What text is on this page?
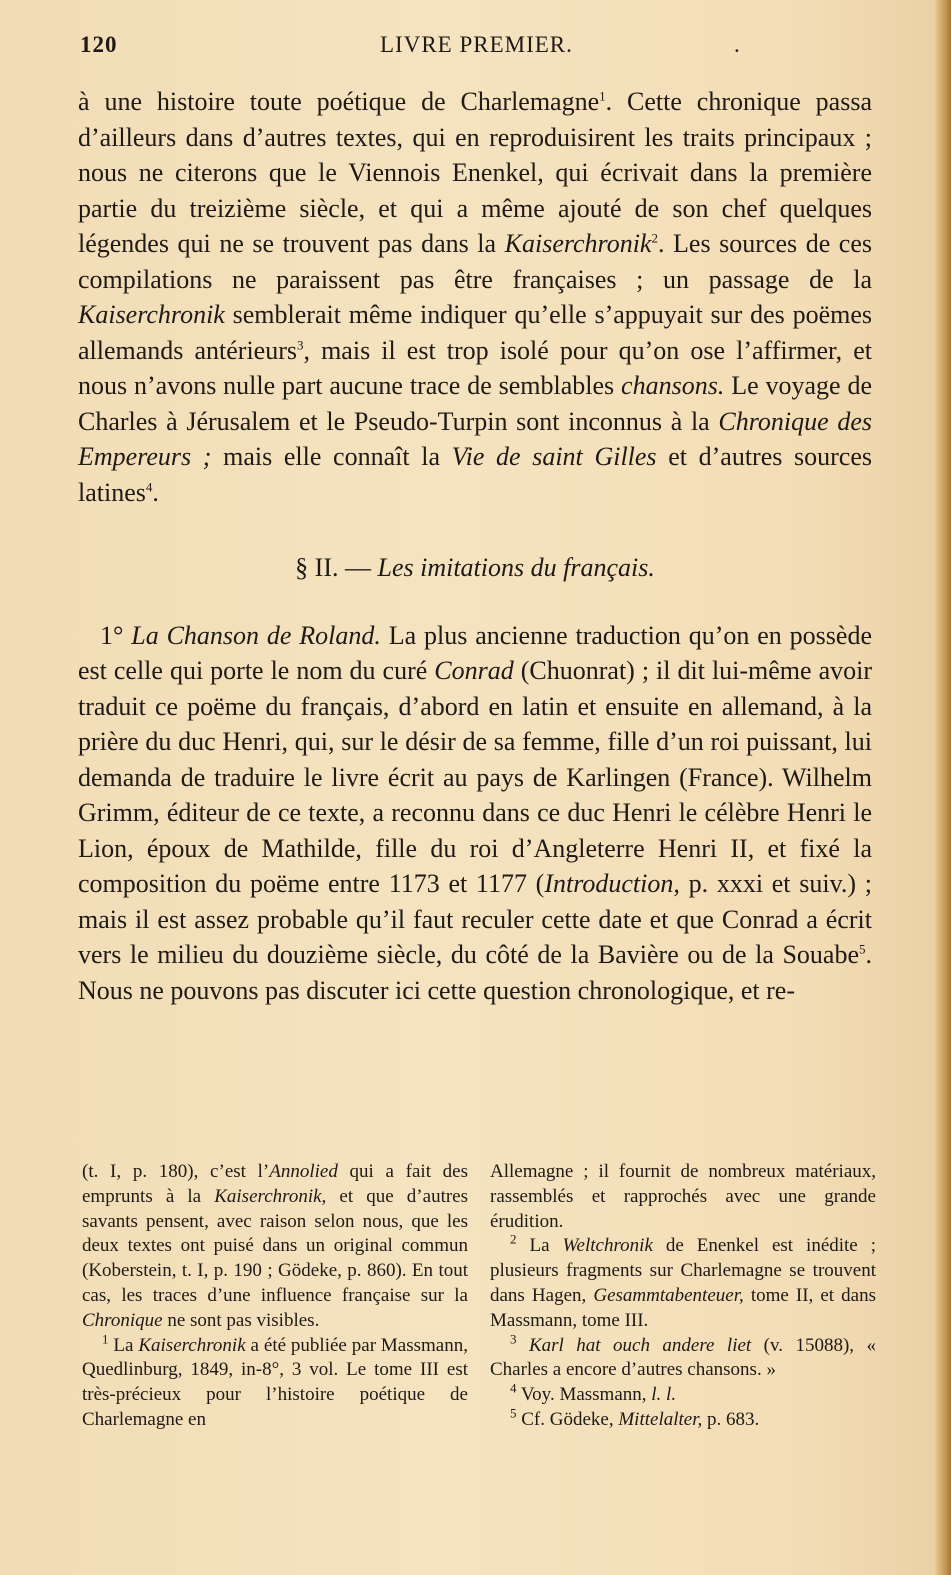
120	LIVRE PREMIER.	.

à une histoire toute poétique de Charlemagne$^1$. Cette chronique passa d’ailleurs dans d’autres textes, qui en reproduisirent les traits principaux ; nous ne citerons que le Viennois Enenkel, qui écrivait dans la première partie du treizième siècle, et qui a même ajouté de son chef quelques légendes qui ne se trouvent pas dans la Kaiserchronik$^2$. Les sources de ces compilations ne paraissent pas être françaises ; un passage de la Kaiserchronik semblerait même indiquer qu’elle s’appuyait sur des poëmes allemands antérieurs$^3$, mais il est trop isolé pour qu’on ose l’affirmer, et nous n’avons nulle part aucune trace de semblables chansons. Le voyage de Charles à Jérusalem et le Pseudo-Turpin sont inconnus à la Chronique des Empereurs ; mais elle connaît la Vie de saint Gilles et d’autres sources latines$^4$.

§ II. — Les imitations du français.

1° La Chanson de Roland. La plus ancienne traduction qu’on en possède est celle qui porte le nom du curé Conrad (Chuonrat) ; il dit lui-même avoir traduit ce poëme du français, d’abord en latin et ensuite en allemand, à la prière du duc Henri, qui, sur le désir de sa femme, fille d’un roi puissant, lui demanda de traduire le livre écrit au pays de Karlingen (France). Wilhelm Grimm, éditeur de ce texte, a reconnu dans ce duc Henri le célèbre Henri le Lion, époux de Mathilde, fille du roi d’Angleterre Henri II, et fixé la composition du poëme entre 1173 et 1177 (Introduction, p. xxxi et suiv.) ; mais il est assez probable qu’il faut reculer cette date et que Conrad a écrit vers le milieu du douzième siècle, du côté de la Bavière ou de la Souabe$^5$. Nous ne pouvons pas discuter ici cette question chronologique, et re-

(t. I, p. 180), c’est l’Annolied qui a fait des emprunts à la Kaiserchronik, et que d’autres savants pensent, avec raison selon nous, que les deux textes ont puisé dans un original commun (Koberstein, t. I, p. 190 ; Gödeke, p. 860). En tout cas, les traces d’une influence française sur la Chronique ne sont pas visibles.

$^1$ La Kaiserchronik a été publiée par Massmann, Quedlinburg, 1849, in-8°, 3 vol. Le tome III est très-précieux pour l’histoire poétique de Charlemagne en

Allemagne ; il fournit de nombreux matériaux, rassemblés et rapprochés avec une grande érudition.

$^2$ La Weltchronik de Enenkel est inédite ; plusieurs fragments sur Charlemagne se trouvent dans Hagen, Gesammtabenteuer, tome II, et dans Massmann, tome III.

$^3$ Karl hat ouch andere liet (v. 15088), « Charles a encore d’autres chansons. »

$^4$ Voy. Massmann, l. l.

$^5$ Cf. Gödeke, Mittelalter, p. 683.
